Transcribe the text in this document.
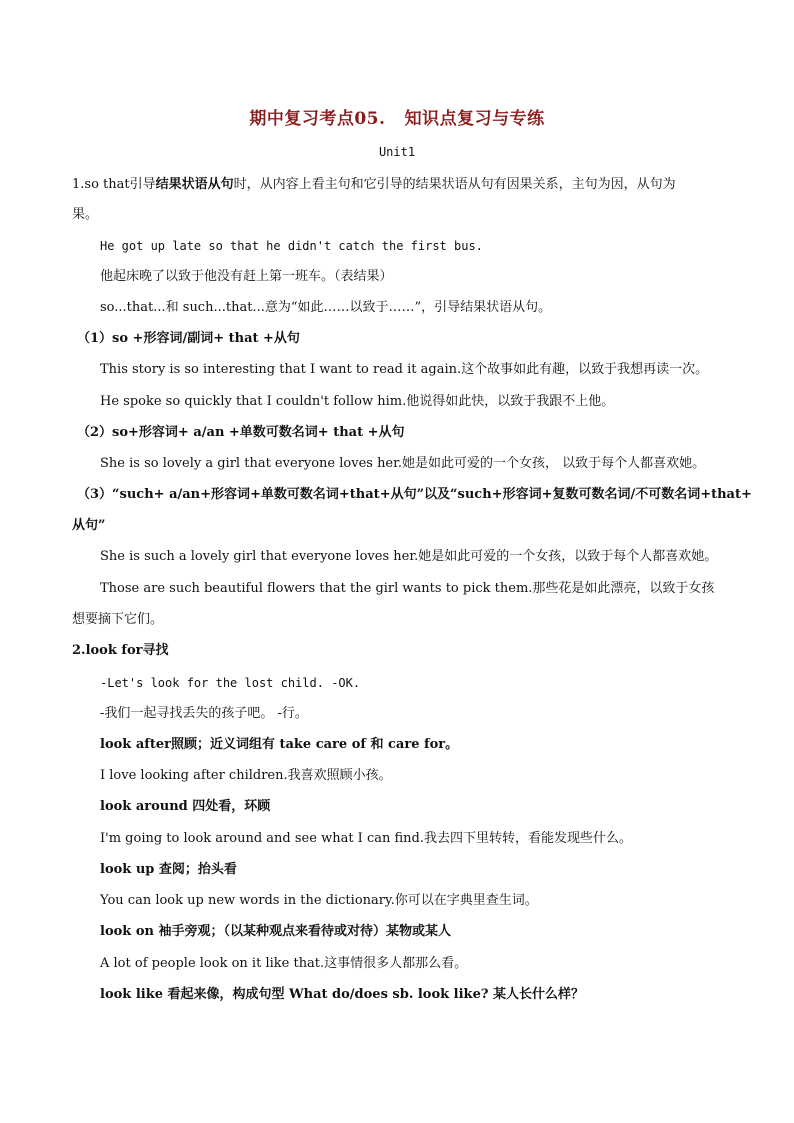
期中复习考点05.   知识点复习与专练
Unit1
1.so that引导结果状语从句时，从内容上看主句和它引导的结果状语从句有因果关系，主句为因，从句为
果。
He got up late so that he didn't catch the first bus.
他起床晚了以致于他没有赶上第一班车。（表结果）
so...that...和 such...that...意为“如此……以致于……”，引导结果状语从句。
（1）so +形容词/副词+ that +从句
This story is so interesting that I want to read it again.这个故事如此有趣，以致于我想再读一次。
He spoke so quickly that I couldn't follow him.他说得如此快，以致于我跟不上他。
（2）so+形容词+ a/an +单数可数名词+ that +从句
She is so lovely a girl that everyone loves her.她是如此可爱的一个女孩， 以致于每个人都喜欢她。
（3）“such+ a/an+形容词+单数可数名词+that+从句”以及“such+形容词+复数可数名词/不可数名词+that+
从句”
She is such a lovely girl that everyone loves her.她是如此可爱的一个女孩，以致于每个人都喜欢她。
Those are such beautiful flowers that the girl wants to pick them.那些花是如此漂亮，以致于女孩
想要摘下它们。
2.look for寻找
-Let's look for the lost child. -OK.
-我们一起寻找丢失的孩子吧。 -行。
look after照顾；近义词组有 take care of 和 care for。
I love looking after children.我喜欢照顾小孩。
look around 四处看，环顾
I'm going to look around and see what I can find.我去四下里转转，看能发现些什么。
look up 查阅；抬头看
You can look up new words in the dictionary.你可以在字典里查生词。
look on 袖手旁观；（以某种观点来看待或对待）某物或某人
A lot of people look on it like that.这事情很多人都那么看。
look like 看起来像，构成句型 What do/does sb. look like? 某人长什么样？
